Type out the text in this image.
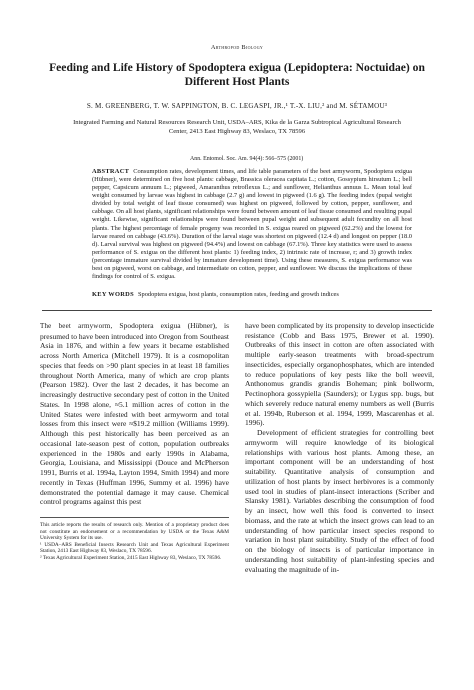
Arthropod Biology
Feeding and Life History of Spodoptera exigua (Lepidoptera: Noctuidae) on Different Host Plants
S. M. GREENBERG, T. W. SAPPINGTON, B. C. LEGASPI, JR.,¹ T.-X. LIU,² and M. SÉTAMOU³
Integrated Farming and Natural Resources Research Unit, USDA–ARS, Kika de la Garza Subtropical Agricultural Research Center, 2413 East Highway 83, Weslaco, TX 78596
Ann. Entomol. Soc. Am. 94(4): 566–575 (2001)
ABSTRACT Consumption rates, development times, and life table parameters of the beet armyworm, Spodoptera exigua (Hübner), were determined on five host plants: cabbage, Brassica oleracea capitata L.; cotton, Gossypium hirsutum L.; bell pepper, Capsicum annuum L.; pigweed, Amaranthus retroflexus L.; and sunflower, Helianthus annuus L. Mean total leaf weight consumed by larvae was highest in cabbage (2.7 g) and lowest in pigweed (1.6 g). The feeding index (pupal weight divided by total weight of leaf tissue consumed) was highest on pigweed, followed by cotton, pepper, sunflower, and cabbage. On all host plants, significant relationships were found between amount of leaf tissue consumed and resulting pupal weight. Likewise, significant relationships were found between pupal weight and subsequent adult fecundity on all host plants. The highest percentage of female progeny was recorded in S. exigua reared on pigweed (62.2%) and the lowest for larvae reared on cabbage (43.6%). Duration of the larval stage was shortest on pigweed (12.4 d) and longest on pepper (18.0 d). Larval survival was highest on pigweed (94.4%) and lowest on cabbage (67.1%). Three key statistics were used to assess performance of S. exigua on the different host plants: 1) feeding index, 2) intrinsic rate of increase, r; and 3) growth index (percentage immature survival divided by immature development time). Using these measures, S. exigua performance was best on pigweed, worst on cabbage, and intermediate on cotton, pepper, and sunflower. We discuss the implications of these findings for control of S. exigua.
KEY WORDS Spodoptera exigua, host plants, consumption rates, feeding and growth indices

The beet armyworm, Spodoptera exigua (Hübner), is presumed to have been introduced into Oregon from Southeast Asia in 1876, and within a few years it became established across North America (Mitchell 1979). It is a cosmopolitan species that feeds on >90 plant species in at least 18 families throughout North America, many of which are crop plants (Pearson 1982). Over the last 2 decades, it has become an increasingly destructive secondary pest of cotton in the United States. In 1998 alone, ≈5.1 million acres of cotton in the United States were infested with beet armyworm and total losses from this insect were ≈$19.2 million (Williams 1999). Although this pest historically has been perceived as an occasional late-season pest of cotton, population outbreaks experienced in the 1980s and early 1990s in Alabama, Georgia, Louisiana, and Mississippi (Douce and McPherson 1991, Burris et al. 1994a, Layton 1994, Smith 1994) and more recently in Texas (Huffman 1996, Summy et al. 1996) have demonstrated the potential damage it may cause. Chemical control programs against this pest

This article reports the results of research only. Mention of a proprietary product does not constitute an endorsement or a recommendation by USDA or the Texas A&M University System for its use.
¹ USDA–ARS Beneficial Insects Research Unit and Texas Agricultural Experiment Station, 2413 East Highway 83, Weslaco, TX 78596.
² Texas Agricultural Experiment Station, 2415 East Highway 83, Weslaco, TX 78596.

have been complicated by its propensity to develop insecticide resistance (Cobb and Bass 1975, Brewer et al. 1990). Outbreaks of this insect in cotton are often associated with multiple early-season treatments with broad-spectrum insecticides, especially organophosphates, which are intended to reduce populations of key pests like the boll weevil, Anthonomus grandis grandis Boheman; pink bollworm, Pectinophora gossypiella (Saunders); or Lygus spp. bugs, but which severely reduce natural enemy numbers as well (Burris et al. 1994b, Ruberson et al. 1994, 1999, Mascarenhas et al. 1996).

Development of efficient strategies for controlling beet armyworm will require knowledge of its biological relationships with various host plants. Among these, an important component will be an understanding of host suitability. Quantitative analysis of consumption and utilization of host plants by insect herbivores is a commonly used tool in studies of plant-insect interactions (Scriber and Slansky 1981). Variables describing the consumption of food by an insect, how well this food is converted to insect biomass, and the rate at which the insect grows can lead to an understanding of how particular insect species respond to variation in host plant suitability. Study of the effect of food on the biology of insects is of particular importance in understanding host suitability of plant-infesting species and evaluating the magnitude of in-
